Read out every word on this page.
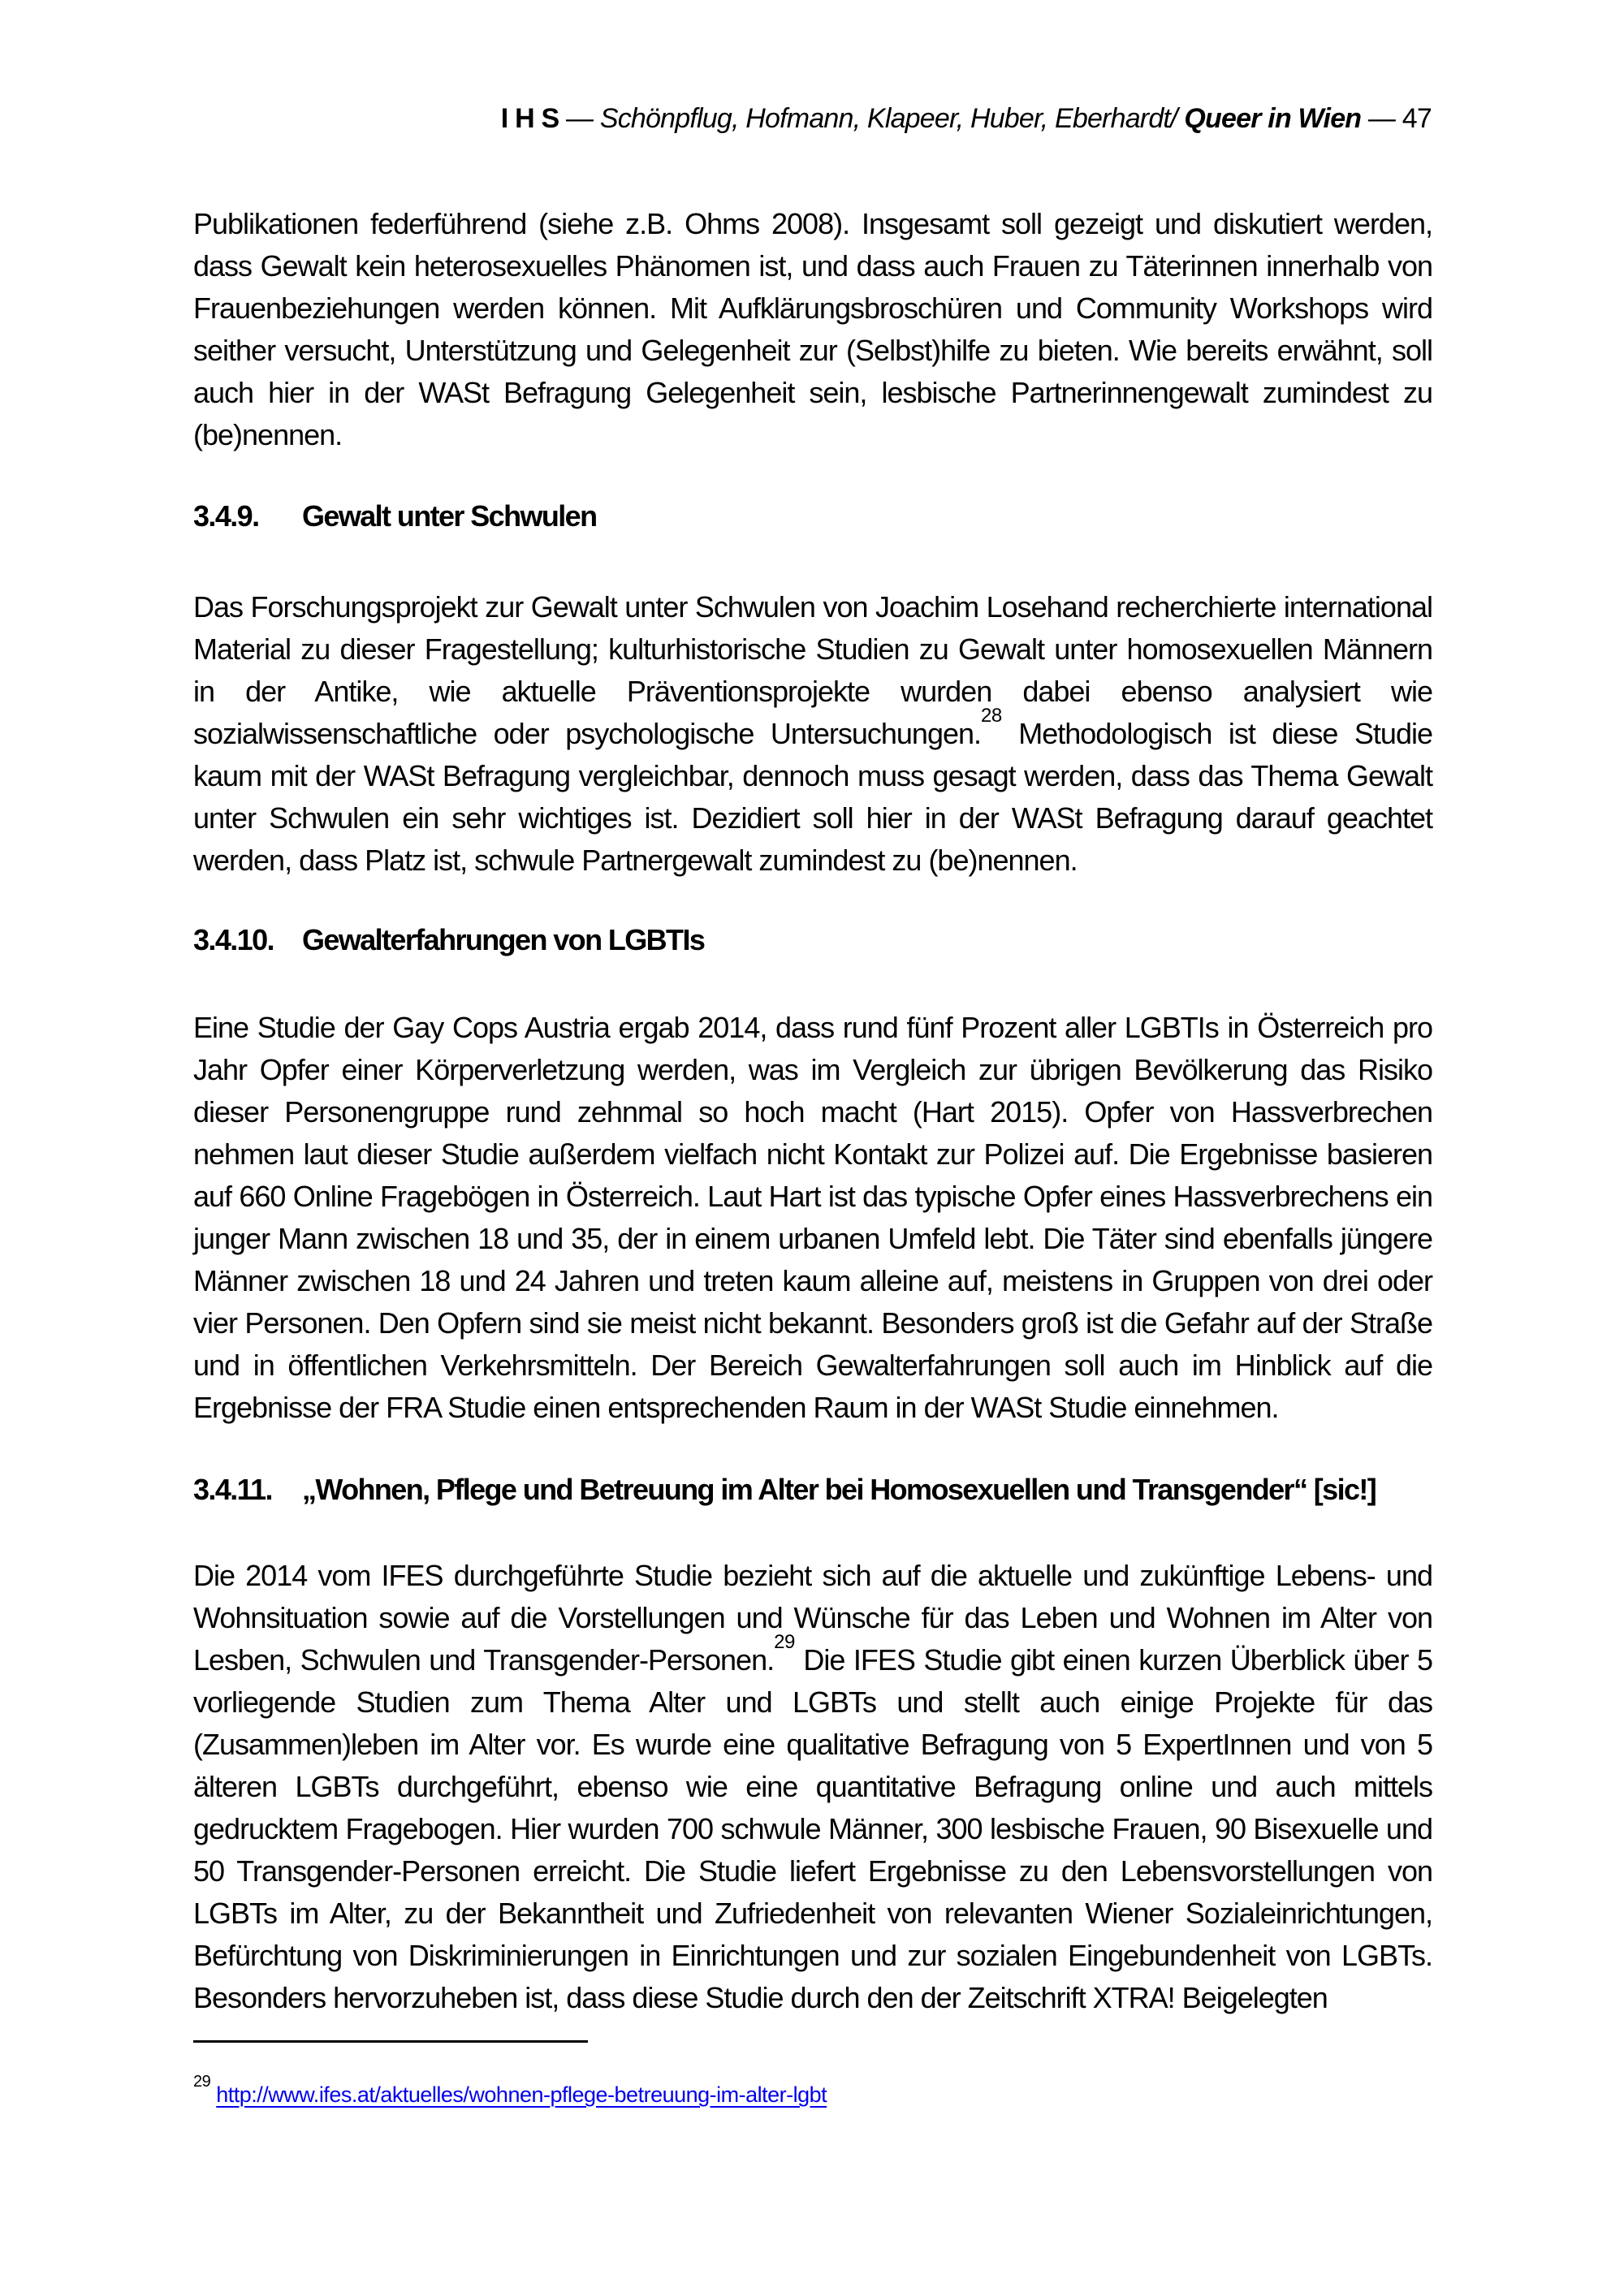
I H S — Schönpflug, Hofmann, Klapeer, Huber, Eberhardt/ Queer in Wien — 47

Publikationen federführend (siehe z.B. Ohms 2008). Insgesamt soll gezeigt und diskutiert werden, dass Gewalt kein heterosexuelles Phänomen ist, und dass auch Frauen zu Täterinnen innerhalb von Frauenbeziehungen werden können. Mit Aufklärungsbroschüren und Community Workshops wird seither versucht, Unterstützung und Gelegenheit zur (Selbst)hilfe zu bieten. Wie bereits erwähnt, soll auch hier in der WASt Befragung Gelegenheit sein, lesbische Partnerinnengewalt zumindest zu (be)nennen.

3.4.9. Gewalt unter Schwulen

Das Forschungsprojekt zur Gewalt unter Schwulen von Joachim Losehand recherchierte international Material zu dieser Fragestellung; kulturhistorische Studien zu Gewalt unter homosexuellen Männern in der Antike, wie aktuelle Präventionsprojekte wurden dabei ebenso analysiert wie sozialwissenschaftliche oder psychologische Untersuchungen.$^{28}$ Methodologisch ist diese Studie kaum mit der WASt Befragung vergleichbar, dennoch muss gesagt werden, dass das Thema Gewalt unter Schwulen ein sehr wichtiges ist. Dezidiert soll hier in der WASt Befragung darauf geachtet werden, dass Platz ist, schwule Partnergewalt zumindest zu (be)nennen.

3.4.10. Gewalterfahrungen von LGBTIs

Eine Studie der Gay Cops Austria ergab 2014, dass rund fünf Prozent aller LGBTIs in Österreich pro Jahr Opfer einer Körperverletzung werden, was im Vergleich zur übrigen Bevölkerung das Risiko dieser Personengruppe rund zehnmal so hoch macht (Hart 2015). Opfer von Hassverbrechen nehmen laut dieser Studie außerdem vielfach nicht Kontakt zur Polizei auf. Die Ergebnisse basieren auf 660 Online Fragebögen in Österreich. Laut Hart ist das typische Opfer eines Hassverbrechens ein junger Mann zwischen 18 und 35, der in einem urbanen Umfeld lebt. Die Täter sind ebenfalls jüngere Männer zwischen 18 und 24 Jahren und treten kaum alleine auf, meistens in Gruppen von drei oder vier Personen. Den Opfern sind sie meist nicht bekannt. Besonders groß ist die Gefahr auf der Straße und in öffentlichen Verkehrsmitteln. Der Bereich Gewalterfahrungen soll auch im Hinblick auf die Ergebnisse der FRA Studie einen entsprechenden Raum in der WASt Studie einnehmen.

3.4.11. „Wohnen, Pflege und Betreuung im Alter bei Homosexuellen und Transgender“ [sic!]

Die 2014 vom IFES durchgeführte Studie bezieht sich auf die aktuelle und zukünftige Lebens- und Wohnsituation sowie auf die Vorstellungen und Wünsche für das Leben und Wohnen im Alter von Lesben, Schwulen und Transgender-Personen.$^{29}$ Die IFES Studie gibt einen kurzen Überblick über 5 vorliegende Studien zum Thema Alter und LGBTs und stellt auch einige Projekte für das (Zusammen)leben im Alter vor. Es wurde eine qualitative Befragung von 5 ExpertInnen und von 5 älteren LGBTs durchgeführt, ebenso wie eine quantitative Befragung online und auch mittels gedrucktem Fragebogen. Hier wurden 700 schwule Männer, 300 lesbische Frauen, 90 Bisexuelle und 50 Transgender-Personen erreicht. Die Studie liefert Ergebnisse zu den Lebensvorstellungen von LGBTs im Alter, zu der Bekanntheit und Zufriedenheit von relevanten Wiener Sozialeinrichtungen, Befürchtung von Diskriminierungen in Einrichtungen und zur sozialen Eingebundenheit von LGBTs. Besonders hervorzuheben ist, dass diese Studie durch den der Zeitschrift XTRA! Beigelegten

$^{29}$ http://www.ifes.at/aktuelles/wohnen-pflege-betreuung-im-alter-lgbt
